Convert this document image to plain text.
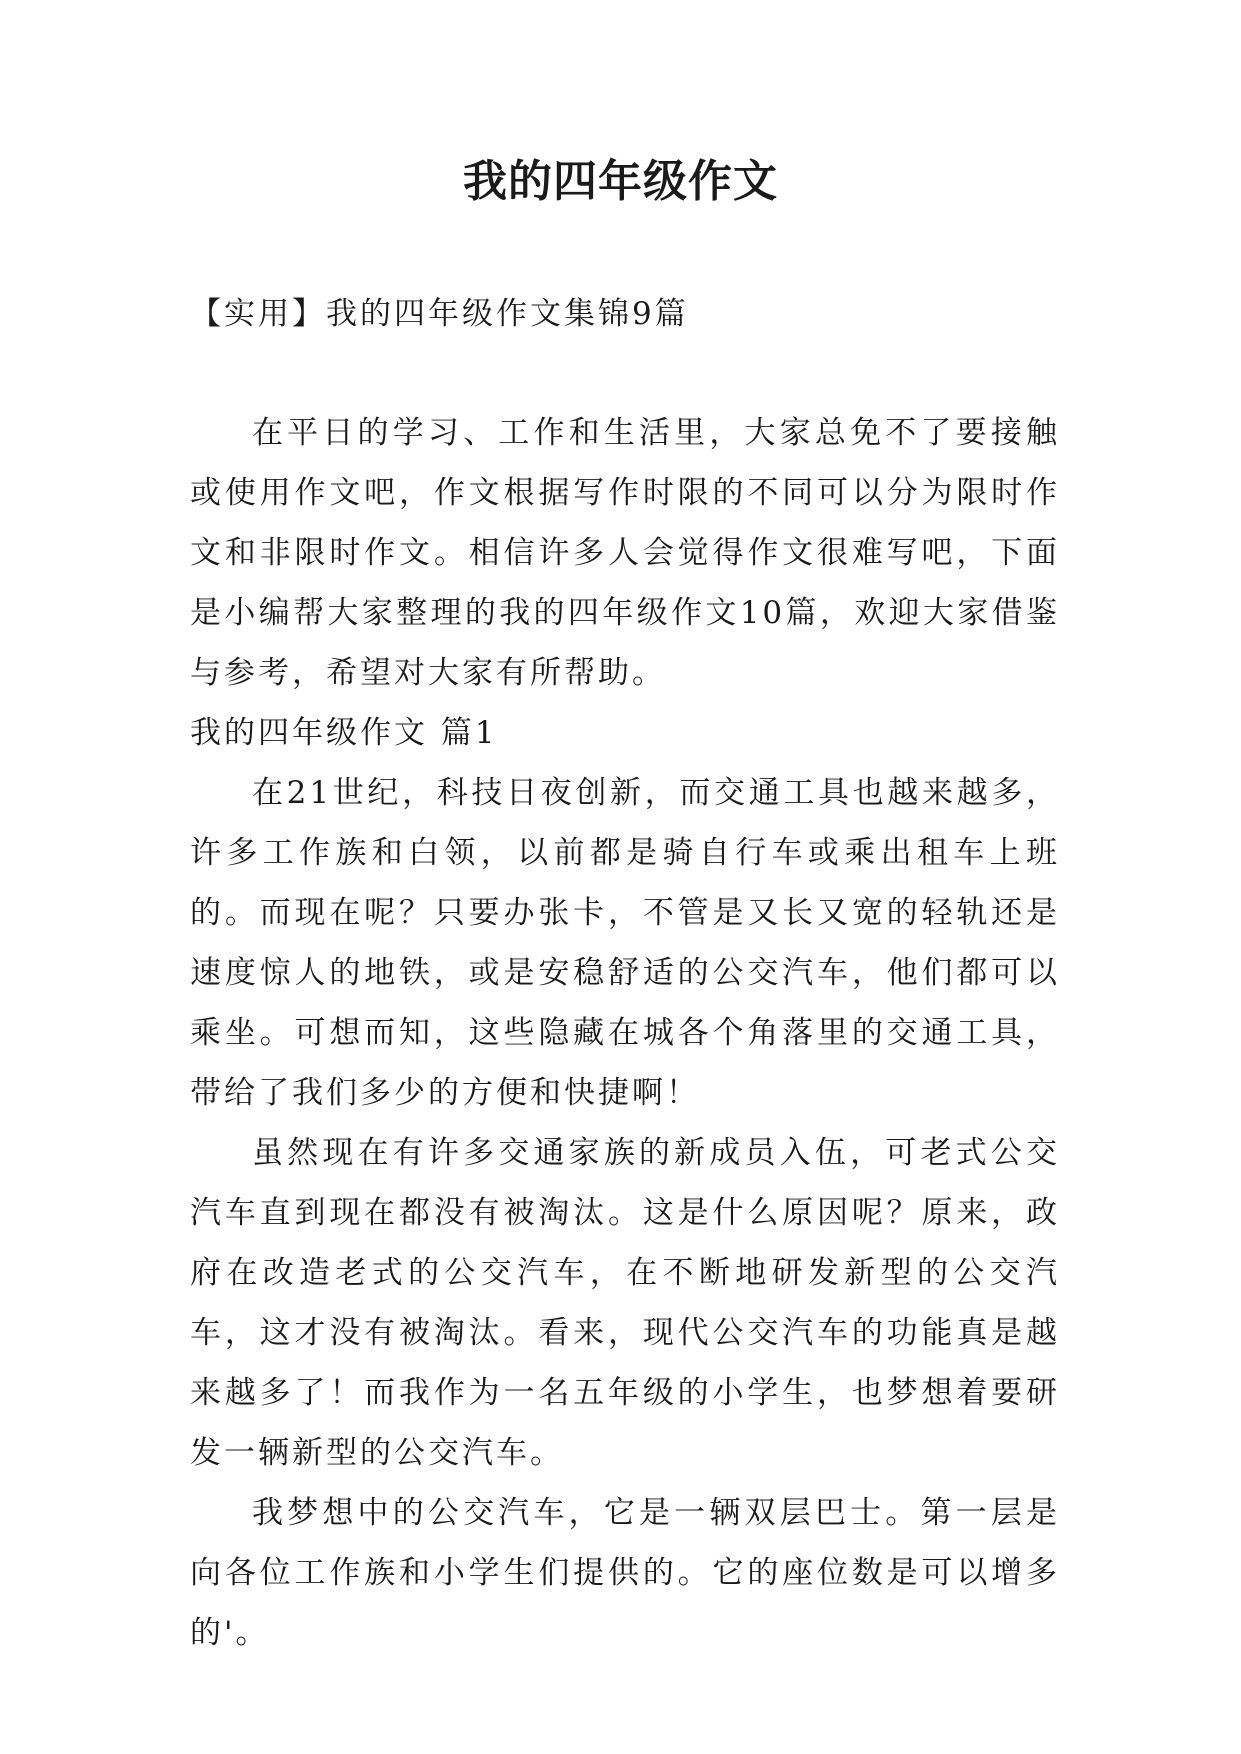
我的四年级作文
【实用】我的四年级作文集锦9篇

在平日的学习、工作和生活里，大家总免不了要接触或使用作文吧，作文根据写作时限的不同可以分为限时作文和非限时作文。相信许多人会觉得作文很难写吧，下面是小编帮大家整理的我的四年级作文10篇，欢迎大家借鉴与参考，希望对大家有所帮助。

我的四年级作文 篇1

在21世纪，科技日夜创新，而交通工具也越来越多，许多工作族和白领，以前都是骑自行车或乘出租车上班的。而现在呢？只要办张卡，不管是又长又宽的轻轨还是速度惊人的地铁，或是安稳舒适的公交汽车，他们都可以乘坐。可想而知，这些隐藏在城各个角落里的交通工具，带给了我们多少的方便和快捷啊！

虽然现在有许多交通家族的新成员入伍，可老式公交汽车直到现在都没有被淘汰。这是什么原因呢？原来，政府在改造老式的公交汽车，在不断地研发新型的公交汽车，这才没有被淘汰。看来，现代公交汽车的功能真是越来越多了！而我作为一名五年级的小学生，也梦想着要研发一辆新型的公交汽车。

我梦想中的公交汽车，它是一辆双层巴士。第一层是向各位工作族和小学生们提供的。它的座位数是可以增多的'。
